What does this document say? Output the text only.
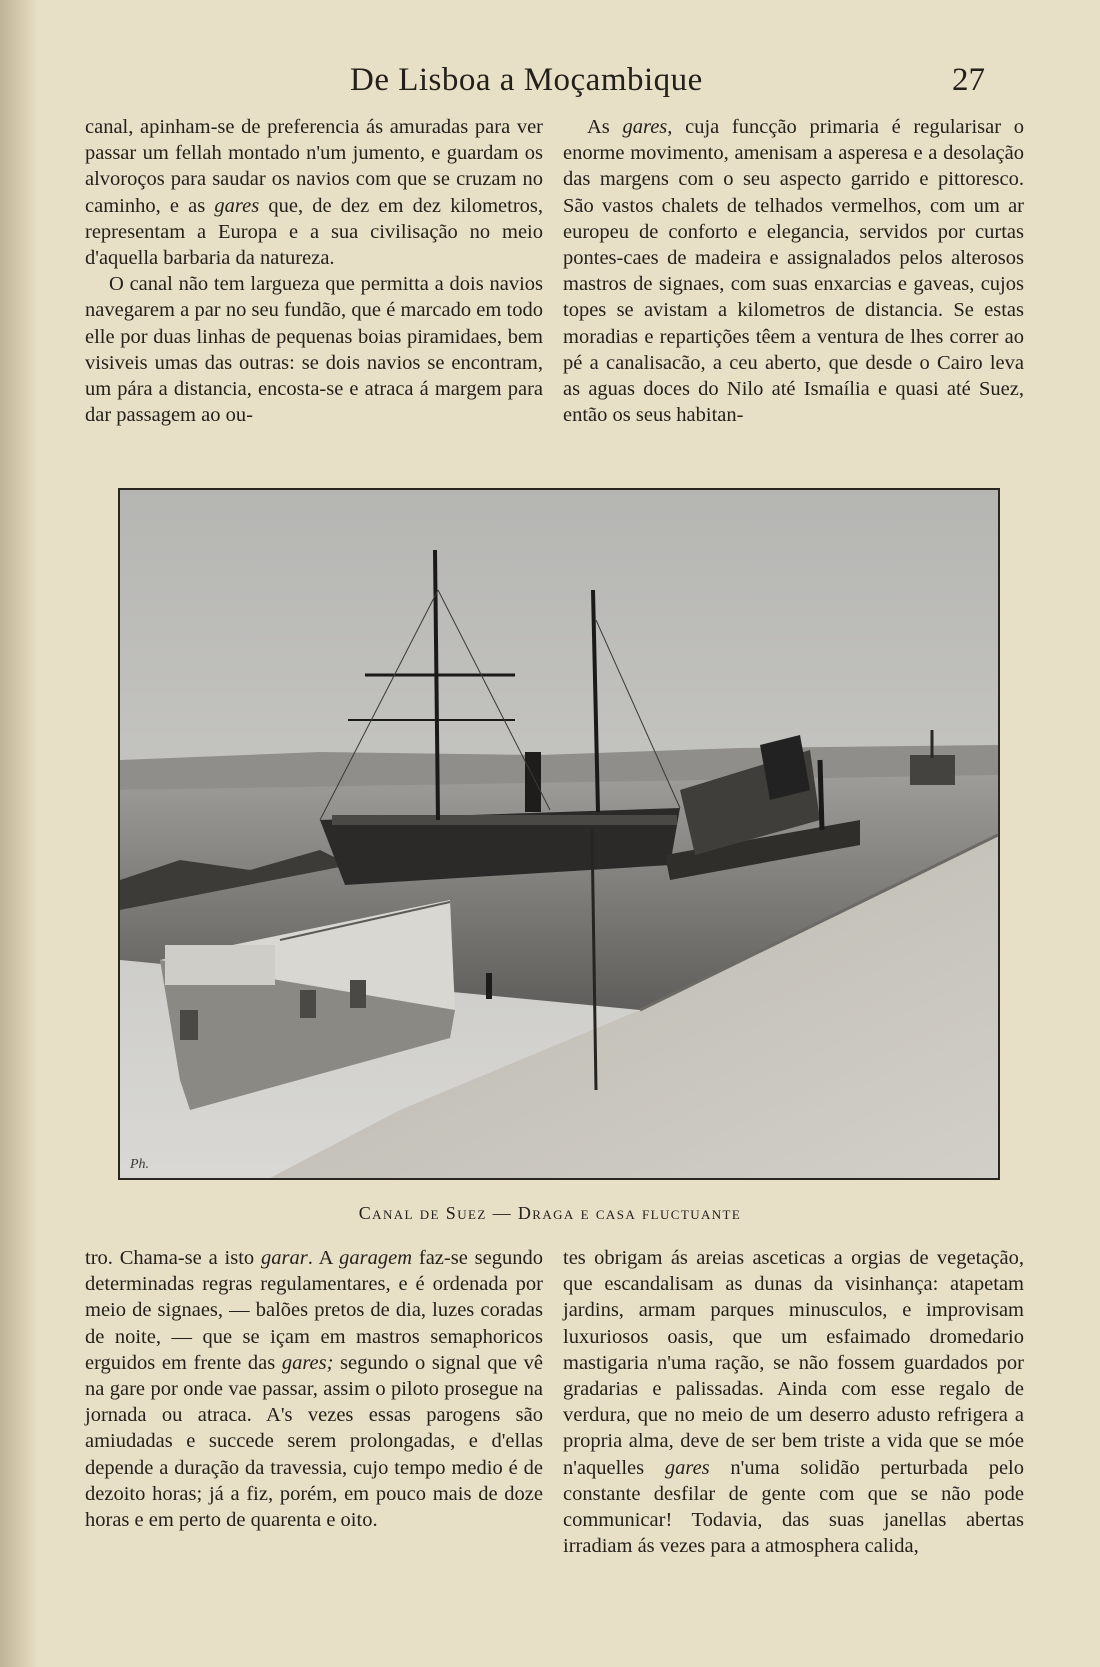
De Lisboa a Moçambique	27

canal, apinham-se de preferencia ás amuradas para ver passar um fellah montado n'um jumento, e guardam os alvoroços para saudar os navios com que se cruzam no caminho, e as gares que, de dez em dez kilometros, representam a Europa e a sua civilisação no meio d'aquella barbaria da natureza.

O canal não tem largueza que permitta a dois navios navegarem a par no seu fundão, que é marcado em todo elle por duas linhas de pequenas boias piramidaes, bem visiveis umas das outras: se dois navios se encontram, um pára a distancia, encosta-se e atraca á margem para dar passagem ao ou-

As gares, cuja funcção primaria é regularisar o enorme movimento, amenisam a asperesa e a desolação das margens com o seu aspecto garrido e pittoresco. São vastos chalets de telhados vermelhos, com um ar europeu de conforto e elegancia, servidos por curtas pontes-caes de madeira e assignalados pelos alterosos mastros de signaes, com suas enxarcias e gaveas, cujos topes se avistam a kilometros de distancia. Se estas moradias e repartições têem a ventura de lhes correr ao pé a canalisacão, a ceu aberto, que desde o Cairo leva as aguas doces do Nilo até Ismaília e quasi até Suez, então os seus habitan-

Ph.
Canal de Suez — Draga e casa fluctuante

tro. Chama-se a isto garar. A garagem faz-se segundo determinadas regras regulamentares, e é ordenada por meio de signaes, — balões pretos de dia, luzes coradas de noite, — que se içam em mastros semaphoricos erguidos em frente das gares; segundo o signal que vê na gare por onde vae passar, assim o piloto prosegue na jornada ou atraca. A's vezes essas parogens são amiudadas e succede serem prolongadas, e d'ellas depende a duração da travessia, cujo tempo medio é de dezoito horas; já a fiz, porém, em pouco mais de doze horas e em perto de quarenta e oito.

tes obrigam ás areias asceticas a orgias de vegetação, que escandalisam as dunas da visinhança: atapetam jardins, armam parques minusculos, e improvisam luxuriosos oasis, que um esfaimado dromedario mastigaria n'uma ração, se não fossem guardados por gradarias e palissadas. Ainda com esse regalo de verdura, que no meio de um deserro adusto refrigera a propria alma, deve de ser bem triste a vida que se móe n'aquelles gares n'uma solidão perturbada pelo constante desfilar de gente com que se não pode communicar! Todavia, das suas janellas abertas irradiam ás vezes para a atmosphera calida,
